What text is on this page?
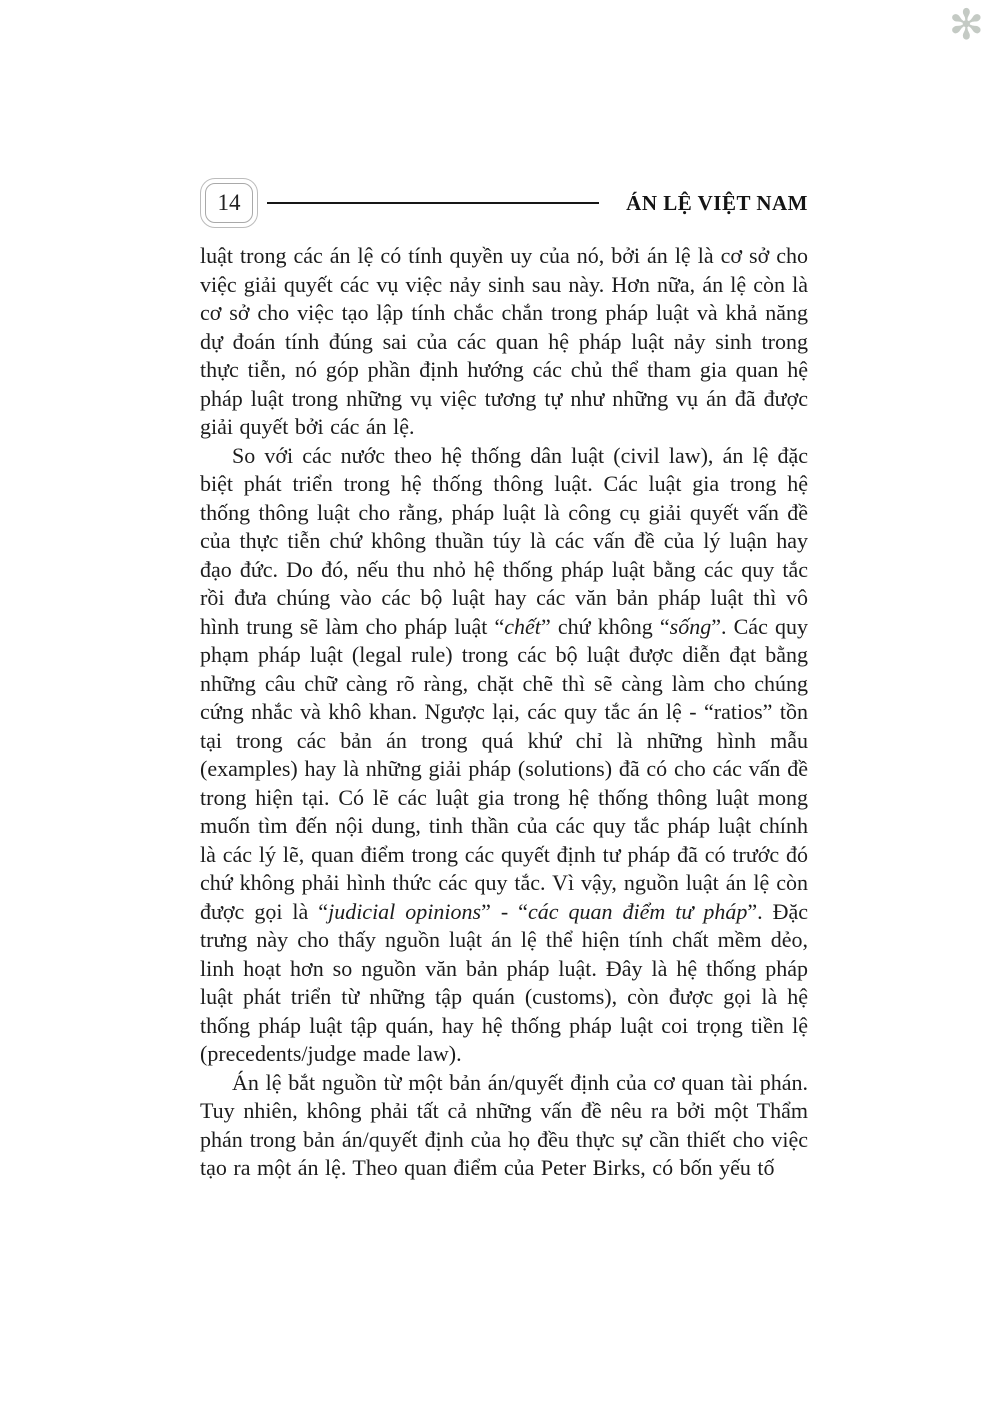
✻
14	ÁN LỆ VIỆT NAM

luật trong các án lệ có tính quyền uy của nó, bởi án lệ là cơ sở cho việc giải quyết các vụ việc nảy sinh sau này. Hơn nữa, án lệ còn là cơ sở cho việc tạo lập tính chắc chắn trong pháp luật và khả năng dự đoán tính đúng sai của các quan hệ pháp luật nảy sinh trong thực tiễn, nó góp phần định hướng các chủ thể tham gia quan hệ pháp luật trong những vụ việc tương tự như những vụ án đã được giải quyết bởi các án lệ.

So với các nước theo hệ thống dân luật (civil law), án lệ đặc biệt phát triển trong hệ thống thông luật. Các luật gia trong hệ thống thông luật cho rằng, pháp luật là công cụ giải quyết vấn đề của thực tiễn chứ không thuần túy là các vấn đề của lý luận hay đạo đức. Do đó, nếu thu nhỏ hệ thống pháp luật bằng các quy tắc rồi đưa chúng vào các bộ luật hay các văn bản pháp luật thì vô hình trung sẽ làm cho pháp luật “chết” chứ không “sống”. Các quy phạm pháp luật (legal rule) trong các bộ luật được diễn đạt bằng những câu chữ càng rõ ràng, chặt chẽ thì sẽ càng làm cho chúng cứng nhắc và khô khan. Ngược lại, các quy tắc án lệ - “ratios” tồn tại trong các bản án trong quá khứ chỉ là những hình mẫu (examples) hay là những giải pháp (solutions) đã có cho các vấn đề trong hiện tại. Có lẽ các luật gia trong hệ thống thông luật mong muốn tìm đến nội dung, tinh thần của các quy tắc pháp luật chính là các lý lẽ, quan điểm trong các quyết định tư pháp đã có trước đó chứ không phải hình thức các quy tắc. Vì vậy, nguồn luật án lệ còn được gọi là “judicial opinions” - “các quan điểm tư pháp”. Đặc trưng này cho thấy nguồn luật án lệ thể hiện tính chất mềm dẻo, linh hoạt hơn so nguồn văn bản pháp luật. Đây là hệ thống pháp luật phát triển từ những tập quán (customs), còn được gọi là hệ thống pháp luật tập quán, hay hệ thống pháp luật coi trọng tiền lệ (precedents/judge made law).

Án lệ bắt nguồn từ một bản án/quyết định của cơ quan tài phán. Tuy nhiên, không phải tất cả những vấn đề nêu ra bởi một Thẩm phán trong bản án/quyết định của họ đều thực sự cần thiết cho việc tạo ra một án lệ. Theo quan điểm của Peter Birks, có bốn yếu tố
